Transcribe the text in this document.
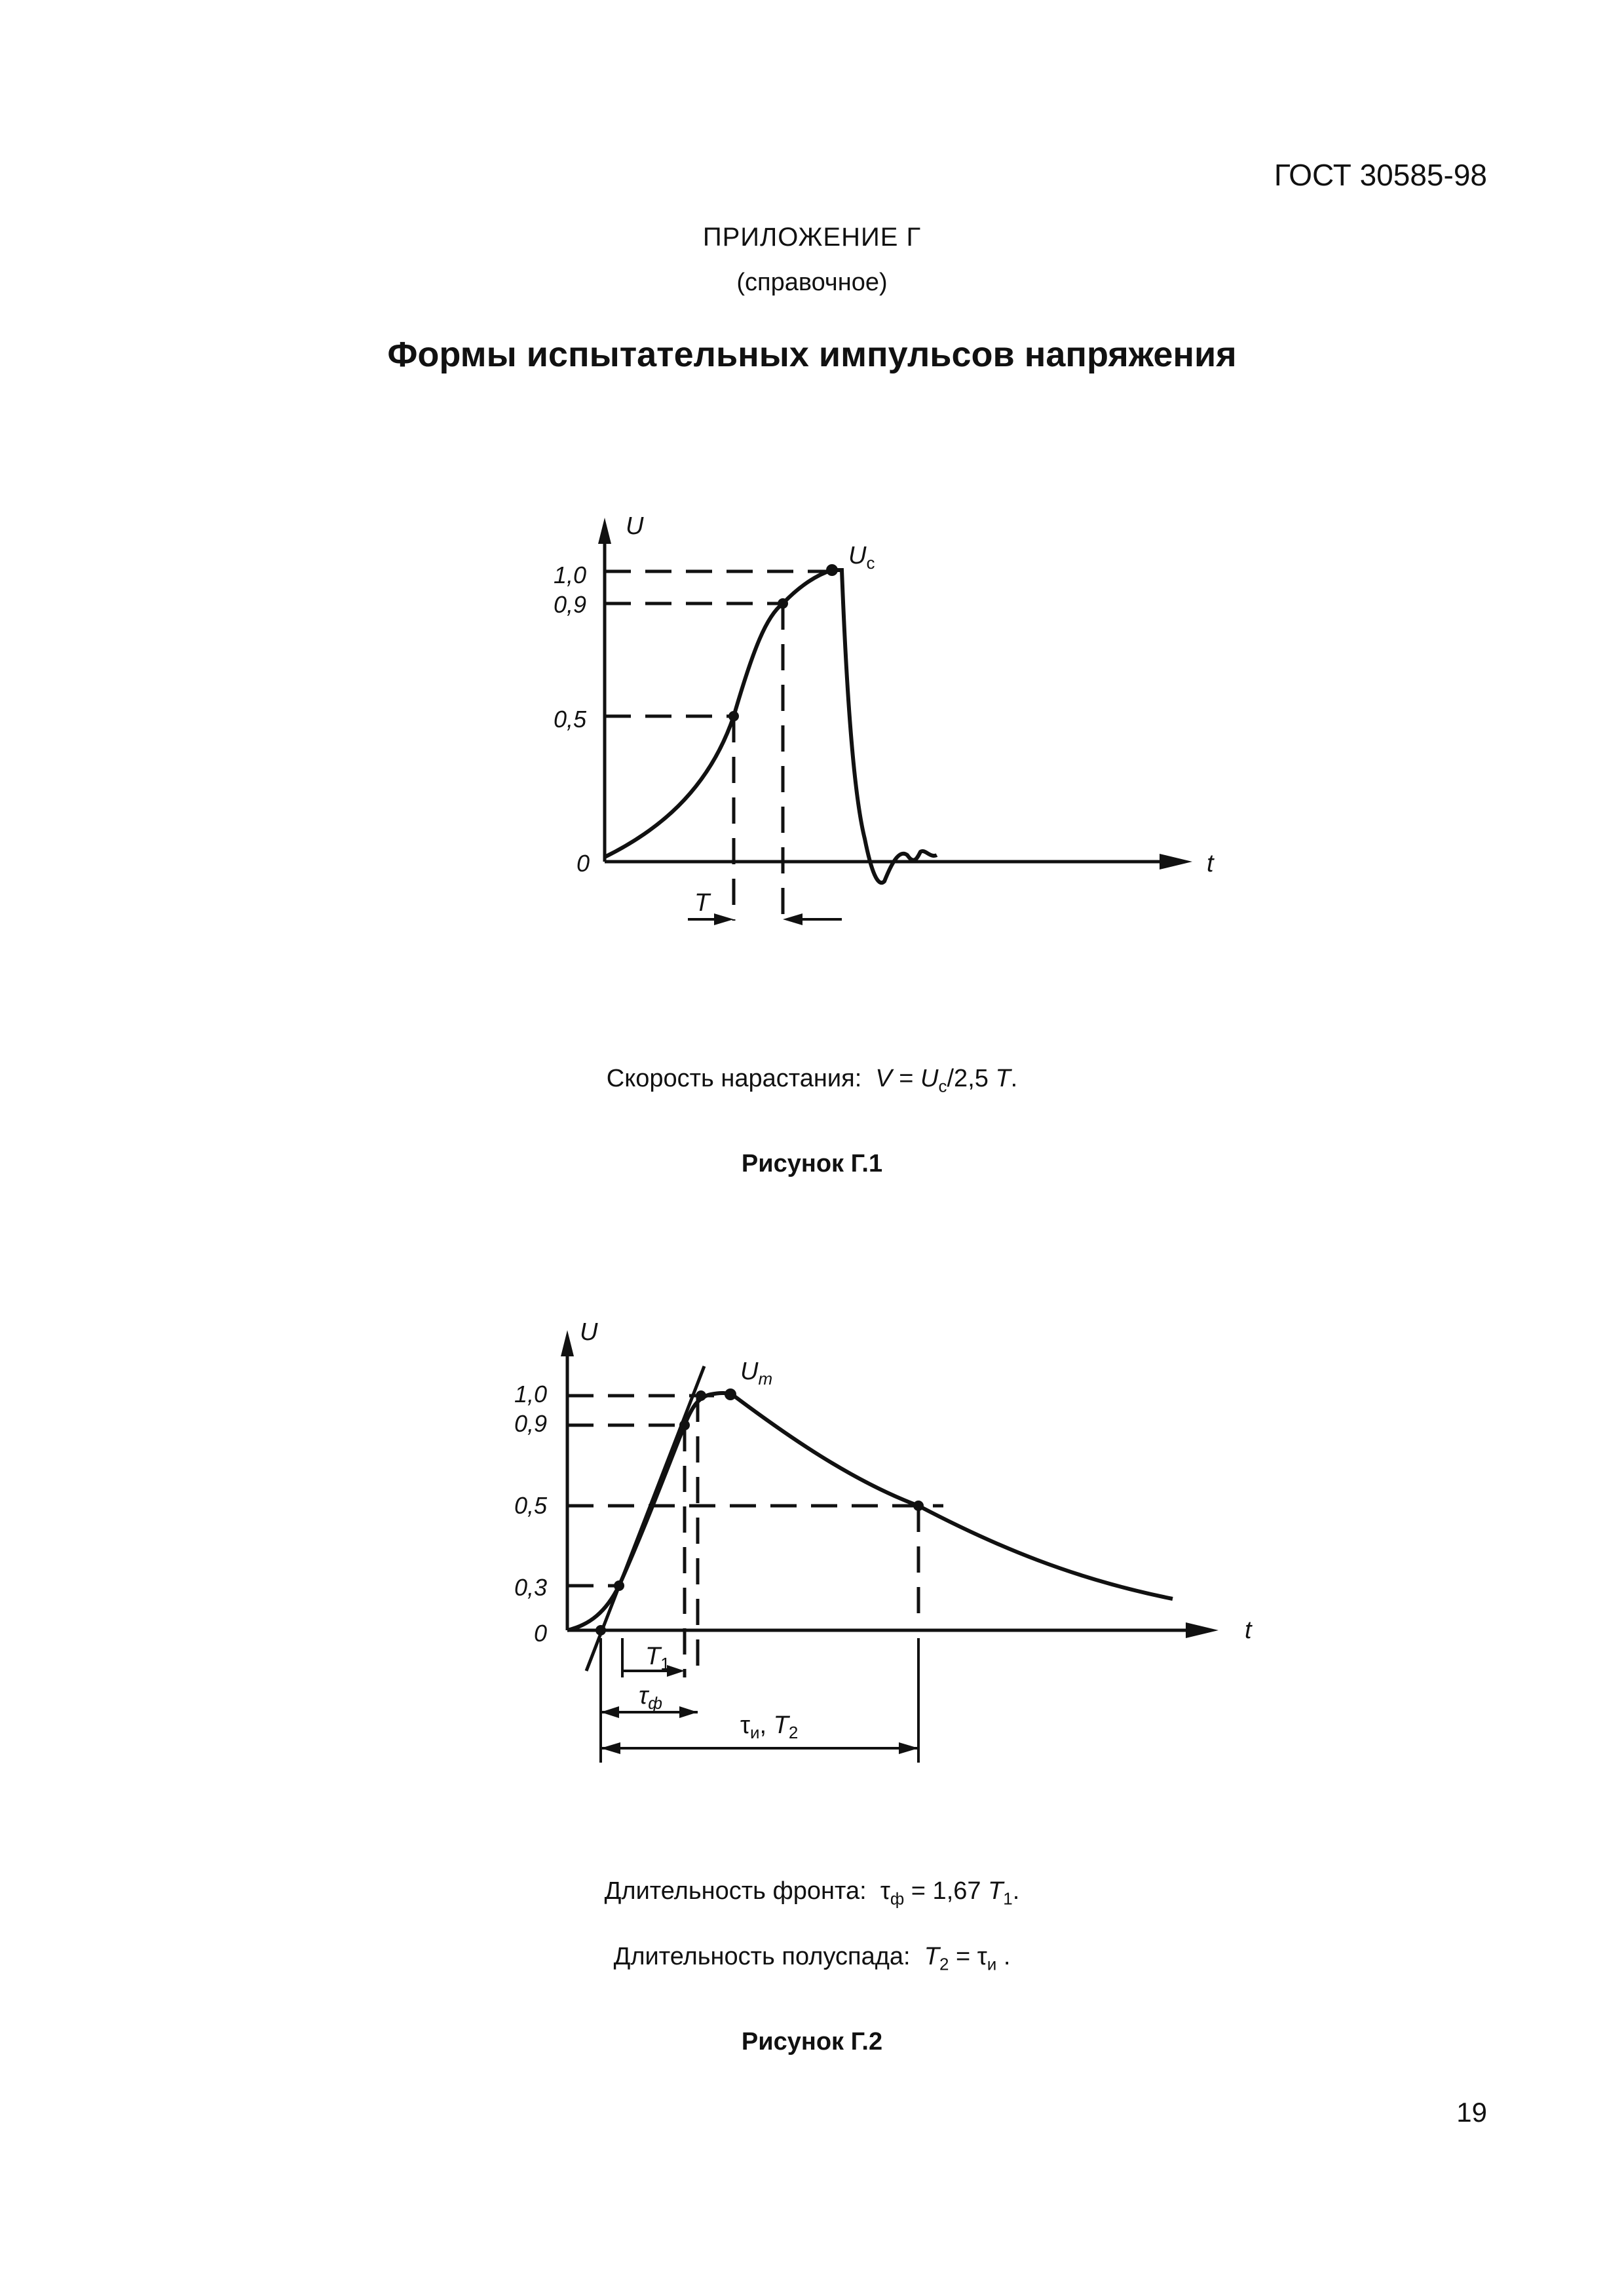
ГОСТ 30585-98
ПРИЛОЖЕНИЕ Г
(справочное)
Формы испытательных импульсов напряжения
U
t
1,0
0,9
0,5
0
$U_с$
T
Скорость нарастания: $V = U_с/2,5$ T.
Рисунок Г.1
U
t
1,0
0,9
0,5
0,3
0
$U_m$
$T_1$
$\tau_ф$
$\tau_и$, $T_2$
Длительность фронта: $\tau_ф = 1,67$ $T_1$.
Длительность полуспада: $T_2 = \tau_и$ .
Рисунок Г.2
19
